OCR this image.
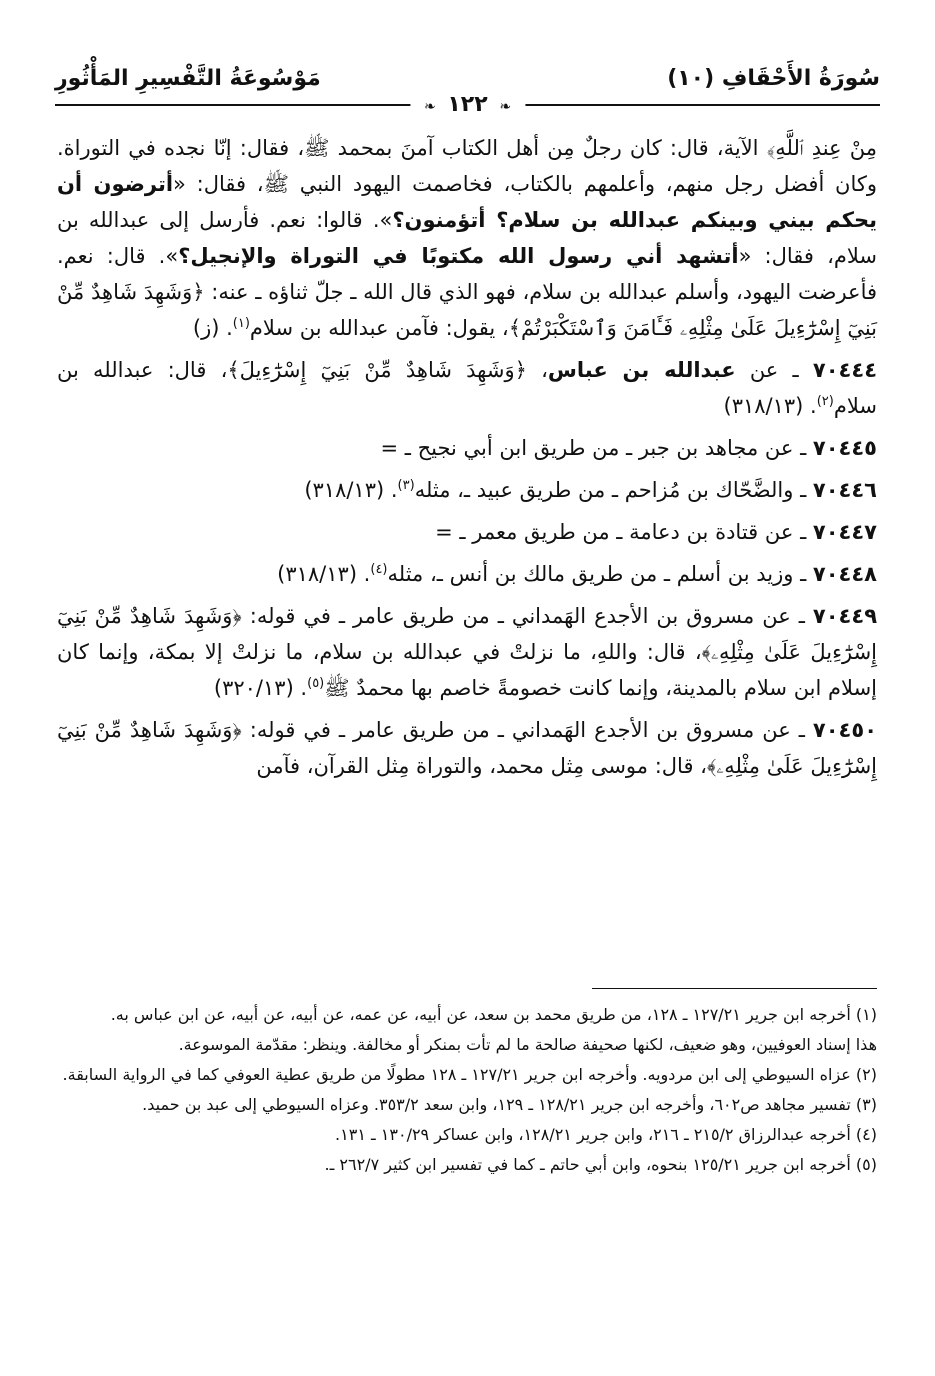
سُورَةُ الأَحْقَافِ (١٠)
مَوْسُوعَةُ التَّفْسِيرِ المَأْثُورِ
❧ ١٢٢ ❧

مِنْ عِندِ ٱللَّهِ﴾ الآية، قال: كان رجلٌ مِن أهل الكتاب آمنَ بمحمد ﷺ، فقال: إنّا نجده في التوراة. وكان أفضل رجل منهم، وأعلمهم بالكتاب، فخاصمت اليهود النبي ﷺ، فقال: «أترضون أن يحكم بيني وبينكم عبدالله بن سلام؟ أتؤمنون؟». قالوا: نعم. فأرسل إلى عبدالله بن سلام، فقال: «أتشهد أني رسول الله مكتوبًا في التوراة والإنجيل؟». قال: نعم. فأعرضت اليهود، وأسلم عبدالله بن سلام، فهو الذي قال الله ـ جلّ ثناؤه ـ عنه: ﴿وَشَهِدَ شَاهِدٌ مِّنْ بَنِيٓ إِسْرَٰٓءِيلَ عَلَىٰ مِثْلِهِۦ فَـَٔامَنَ وَٱسْتَكْبَرْتُمْ﴾، يقول: فآمن عبدالله بن سلام$^{(١)}$. (ز)

٧٠٤٤٤ ـ عن عبدالله بن عباس، ﴿وَشَهِدَ شَاهِدٌ مِّنْ بَنِيٓ إِسْرَٰٓءِيلَ﴾، قال: عبدالله بن سلام$^{(٢)}$. (٣١٨/١٣)

٧٠٤٤٥ ـ عن مجاهد بن جبر ـ من طريق ابن أبي نجيح ـ =

٧٠٤٤٦ ـ والضَّحّاك بن مُزاحم ـ من طريق عبيد ـ، مثله$^{(٣)}$. (٣١٨/١٣)

٧٠٤٤٧ ـ عن قتادة بن دعامة ـ من طريق معمر ـ =

٧٠٤٤٨ ـ وزيد بن أسلم ـ من طريق مالك بن أنس ـ، مثله$^{(٤)}$. (٣١٨/١٣)

٧٠٤٤٩ ـ عن مسروق بن الأجدع الهَمداني ـ من طريق عامر ـ في قوله: ﴿وَشَهِدَ شَاهِدٌ مِّنْ بَنِيٓ إِسْرَٰٓءِيلَ عَلَىٰ مِثْلِهِۦ﴾، قال: واللهِ، ما نزلتْ في عبدالله بن سلام، ما نزلتْ إلا بمكة، وإنما كان إسلام ابن سلام بالمدينة، وإنما كانت خصومةً خاصم بها محمدٌ ﷺ$^{(٥)}$. (٣٢٠/١٣)

٧٠٤٥٠ ـ عن مسروق بن الأجدع الهَمداني ـ من طريق عامر ـ في قوله: ﴿وَشَهِدَ شَاهِدٌ مِّنْ بَنِيٓ إِسْرَٰٓءِيلَ عَلَىٰ مِثْلِهِۦ﴾، قال: موسى مِثل محمد، والتوراة مِثل القرآن، فآمن

(١) أخرجه ابن جرير ١٢٧/٢١ ـ ١٢٨، من طريق محمد بن سعد، عن أبيه، عن عمه، عن أبيه، عن أبيه، عن ابن عباس به.

هذا إسناد العوفيين، وهو ضعيف، لكنها صحيفة صالحة ما لم تأت بمنكر أو مخالفة. وينظر: مقدّمة الموسوعة.

(٢) عزاه السيوطي إلى ابن مردويه. وأخرجه ابن جرير ١٢٧/٢١ ـ ١٢٨ مطولًا من طريق عطية العوفي كما في الرواية السابقة.

(٣) تفسير مجاهد ص٦٠٢، وأخرجه ابن جرير ١٢٨/٢١ ـ ١٢٩، وابن سعد ٣٥٣/٢. وعزاه السيوطي إلى عبد بن حميد.

(٤) أخرجه عبدالرزاق ٢١٥/٢ ـ ٢١٦، وابن جرير ١٢٨/٢١، وابن عساكر ١٣٠/٢٩ ـ ١٣١.

(٥) أخرجه ابن جرير ١٢٥/٢١ بنحوه، وابن أبي حاتم ـ كما في تفسير ابن كثير ٢٦٢/٧ ـ.
